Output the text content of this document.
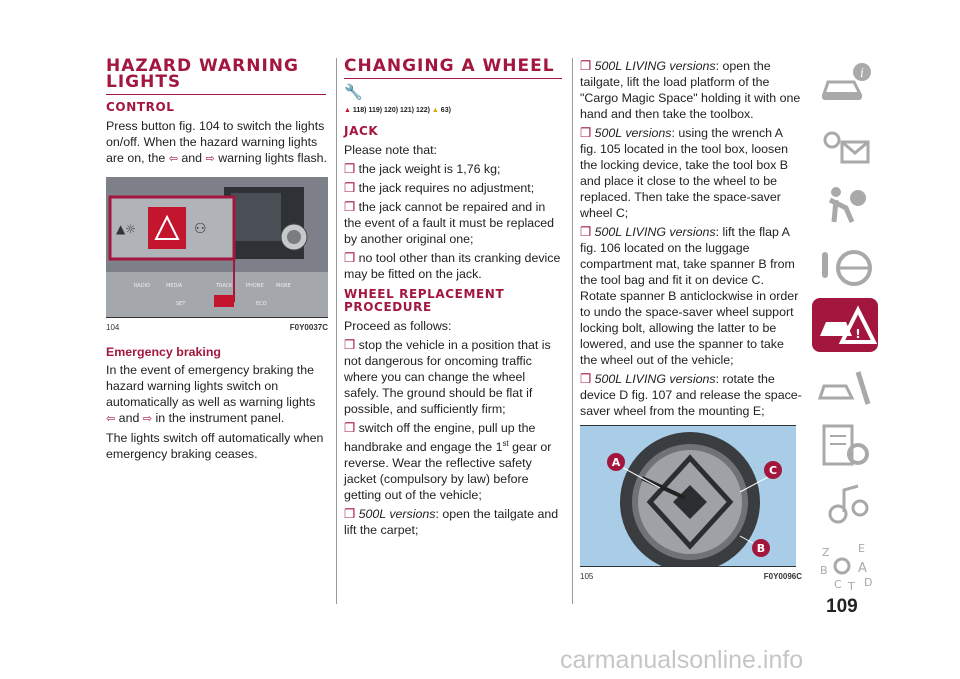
HAZARD WARNING LIGHTS
CONTROL

Press button fig. 104 to switch the lights on/off. When the hazard warning lights are on, the ⇦ and ⇨ warning lights flash.

▲☼	⚇
RADIO	MEDIA	TRACK	PHONE MORE
ECO
SET
104	F0Y0037C
Emergency braking

In the event of emergency braking the hazard warning lights switch on automatically as well as warning lights ⇦ and ⇨ in the instrument panel.

The lights switch off automatically when emergency braking ceases.

CHANGING A WHEEL
🔧
▲ 118) 119) 120) 121) 122) ▲ 63)
JACK

Please note that:

❒ the jack weight is 1,76 kg;

❒ the jack requires no adjustment;

❒ the jack cannot be repaired and in the event of a fault it must be replaced by another original one;

❒ no tool other than its cranking device may be fitted on the jack.

WHEEL REPLACEMENT PROCEDURE

Proceed as follows:

❒ stop the vehicle in a position that is not dangerous for oncoming traffic where you can change the wheel safely. The ground should be flat if possible, and sufficiently firm;

❒ switch off the engine, pull up the handbrake and engage the 1st gear or reverse. Wear the reflective safety jacket (compulsory by law) before getting out of the vehicle;

❒ 500L versions: open the tailgate and lift the carpet;

❒ 500L LIVING versions: open the tailgate, lift the load platform of the "Cargo Magic Space" holding it with one hand and then take the toolbox.

❒ 500L versions: using the wrench A fig. 105 located in the tool box, loosen the locking device, take the tool box B and place it close to the wheel to be replaced. Then take the space-saver wheel C;

❒ 500L LIVING versions: lift the flap A fig. 106 located on the luggage compartment mat, take spanner B from the tool bag and fit it on device C. Rotate spanner B anticlockwise in order to undo the space-saver wheel support locking bolt, allowing the latter to be lowered, and use the spanner to take the wheel out of the vehicle;

❒ 500L LIVING versions: rotate the device D fig. 107 and release the space-saver wheel from the mounting E;

A
C
B
105	F0Y0096C
i
!
Z	E
B A
C T D
109
carmanualsonline.info
